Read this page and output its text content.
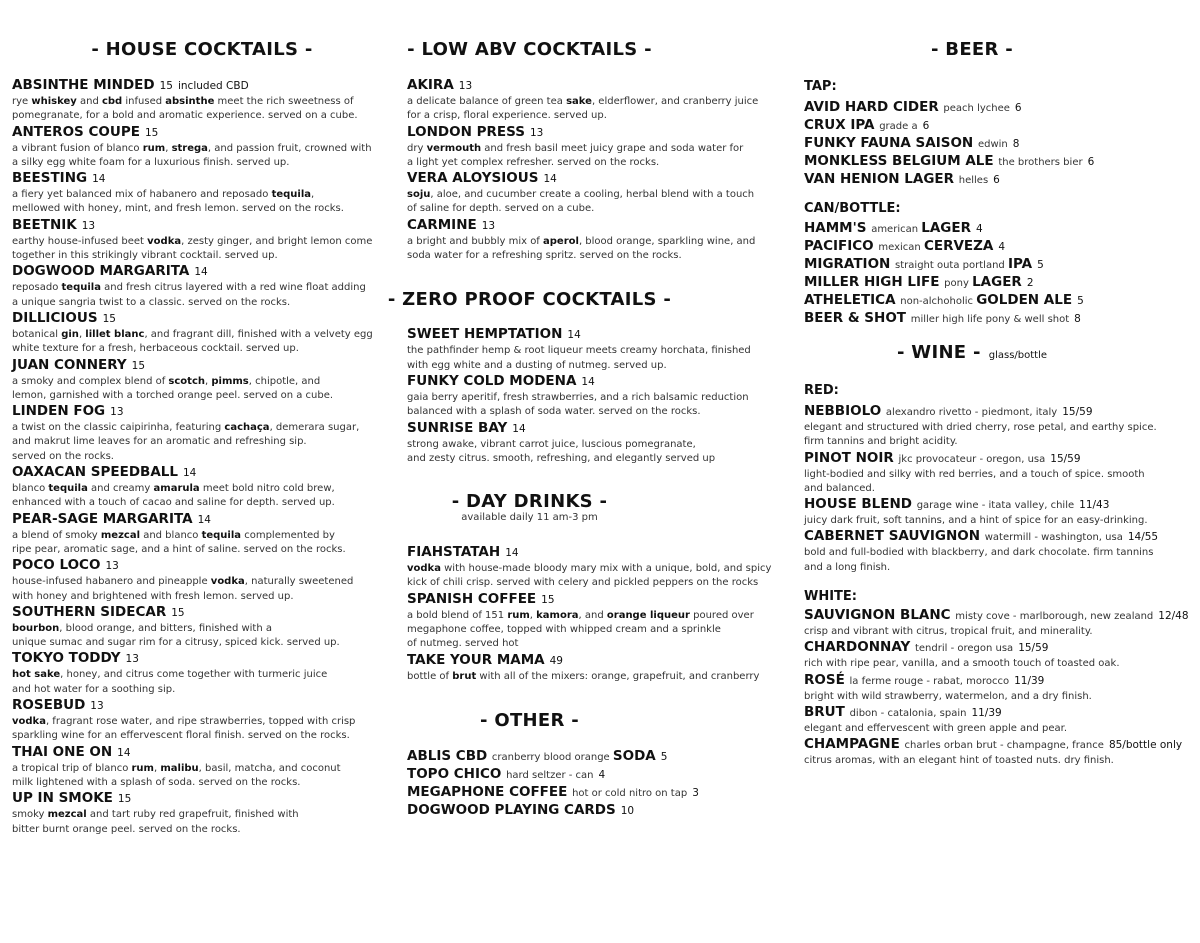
- HOUSE COCKTAILS -
ABSINTHE MINDED 15 included CBD
rye whiskey and cbd infused absinthe meet the rich sweetness of
pomegranate, for a bold and aromatic experience. served on a cube.
ANTEROS COUPE 15
a vibrant fusion of blanco rum, strega, and passion fruit, crowned with
a silky egg white foam for a luxurious finish. served up.
BEESTING 14
a fiery yet balanced mix of habanero and reposado tequila,
mellowed with honey, mint, and fresh lemon. served on the rocks.
BEETNIK 13
earthy house-infused beet vodka, zesty ginger, and bright lemon come
together in this strikingly vibrant cocktail. served up.
DOGWOOD MARGARITA 14
reposado tequila and fresh citrus layered with a red wine float adding
a unique sangria twist to a classic. served on the rocks.
DILLICIOUS 15
botanical gin, lillet blanc, and fragrant dill, finished with a velvety egg
white texture for a fresh, herbaceous cocktail. served up.
JUAN CONNERY 15
a smoky and complex blend of scotch, pimms, chipotle, and
lemon, garnished with a torched orange peel. served on a cube.
LINDEN FOG 13
a twist on the classic caipirinha, featuring cachaça, demerara sugar,
and makrut lime leaves for an aromatic and refreshing sip.
served on the rocks.
OAXACAN SPEEDBALL 14
blanco tequila and creamy amarula meet bold nitro cold brew,
enhanced with a touch of cacao and saline for depth. served up.
PEAR-SAGE MARGARITA 14
a blend of smoky mezcal and blanco tequila complemented by
ripe pear, aromatic sage, and a hint of saline. served on the rocks.
POCO LOCO 13
house-infused habanero and pineapple vodka, naturally sweetened
with honey and brightened with fresh lemon. served up.
SOUTHERN SIDECAR 15
bourbon, blood orange, and bitters, finished with a
unique sumac and sugar rim for a citrusy, spiced kick. served up.
TOKYO TODDY 13
hot sake, honey, and citrus come together with turmeric juice
and hot water for a soothing sip.
ROSEBUD 13
vodka, fragrant rose water, and ripe strawberries, topped with crisp
sparkling wine for an effervescent floral finish. served on the rocks.
THAI ONE ON 14
a tropical trip of blanco rum, malibu, basil, matcha, and coconut
milk lightened with a splash of soda. served on the rocks.
UP IN SMOKE 15
smoky mezcal and tart ruby red grapefruit, finished with
bitter burnt orange peel. served on the rocks.
- LOW ABV COCKTAILS -
AKIRA 13
a delicate balance of green tea sake, elderflower, and cranberry juice
for a crisp, floral experience. served up.
LONDON PRESS 13
dry vermouth and fresh basil meet juicy grape and soda water for
a light yet complex refresher. served on the rocks.
VERA ALOYSIOUS 14
soju, aloe, and cucumber create a cooling, herbal blend with a touch
of saline for depth. served on a cube.
CARMINE 13
a bright and bubbly mix of aperol, blood orange, sparkling wine, and
soda water for a refreshing spritz. served on the rocks.
- ZERO PROOF COCKTAILS -
SWEET HEMPTATION 14
the pathfinder hemp & root liqueur meets creamy horchata, finished
with egg white and a dusting of nutmeg. served up.
FUNKY COLD MODENA 14
gaia berry aperitif, fresh strawberries, and a rich balsamic reduction
balanced with a splash of soda water. served on the rocks.
SUNRISE BAY 14
strong awake, vibrant carrot juice, luscious pomegranate,
and zesty citrus. smooth, refreshing, and elegantly served up
- DAY DRINKS -
available daily 11 am-3 pm
FIAHSTATAH 14
vodka with house-made bloody mary mix with a unique, bold, and spicy
kick of chili crisp. served with celery and pickled peppers on the rocks
SPANISH COFFEE 15
a bold blend of 151 rum, kamora, and orange liqueur poured over
megaphone coffee, topped with whipped cream and a sprinkle
of nutmeg. served hot
TAKE YOUR MAMA 49
bottle of brut with all of the mixers: orange, grapefruit, and cranberry
- OTHER -
ABLIS CBD cranberry blood orange SODA 5
TOPO CHICO hard seltzer - can 4
MEGAPHONE COFFEE hot or cold nitro on tap 3
DOGWOOD PLAYING CARDS 10
- BEER -
TAP:
AVID HARD CIDER peach lychee 6
CRUX IPA grade a 6
FUNKY FAUNA SAISON edwin 8
MONKLESS BELGIUM ALE the brothers bier 6
VAN HENION LAGER helles 6
CAN/BOTTLE:
HAMM'S american LAGER 4
PACIFICO mexican CERVEZA 4
MIGRATION straight outa portland IPA 5
MILLER HIGH LIFE pony LAGER 2
ATHELETICA non-alchoholic GOLDEN ALE 5
BEER & SHOT miller high life pony & well shot 8
- WINE - glass/bottle
RED:
NEBBIOLO alexandro rivetto - piedmont, italy 15/59
elegant and structured with dried cherry, rose petal, and earthy spice.
firm tannins and bright acidity.
PINOT NOIR jkc provocateur - oregon, usa 15/59
light-bodied and silky with red berries, and a touch of spice. smooth
and balanced.
HOUSE BLEND garage wine - itata valley, chile 11/43
juicy dark fruit, soft tannins, and a hint of spice for an easy-drinking.
CABERNET SAUVIGNON watermill - washington, usa 14/55
bold and full-bodied with blackberry, and dark chocolate. firm tannins
and a long finish.
WHITE:
SAUVIGNON BLANC misty cove - marlborough, new zealand 12/48
crisp and vibrant with citrus, tropical fruit, and minerality.
CHARDONNAY tendril - oregon usa 15/59
rich with ripe pear, vanilla, and a smooth touch of toasted oak.
ROSÉ la ferme rouge - rabat, morocco 11/39
bright with wild strawberry, watermelon, and a dry finish.
BRUT dibon - catalonia, spain 11/39
elegant and effervescent with green apple and pear.
CHAMPAGNE charles orban brut - champagne, france 85/bottle only
citrus aromas, with an elegant hint of toasted nuts. dry finish.
